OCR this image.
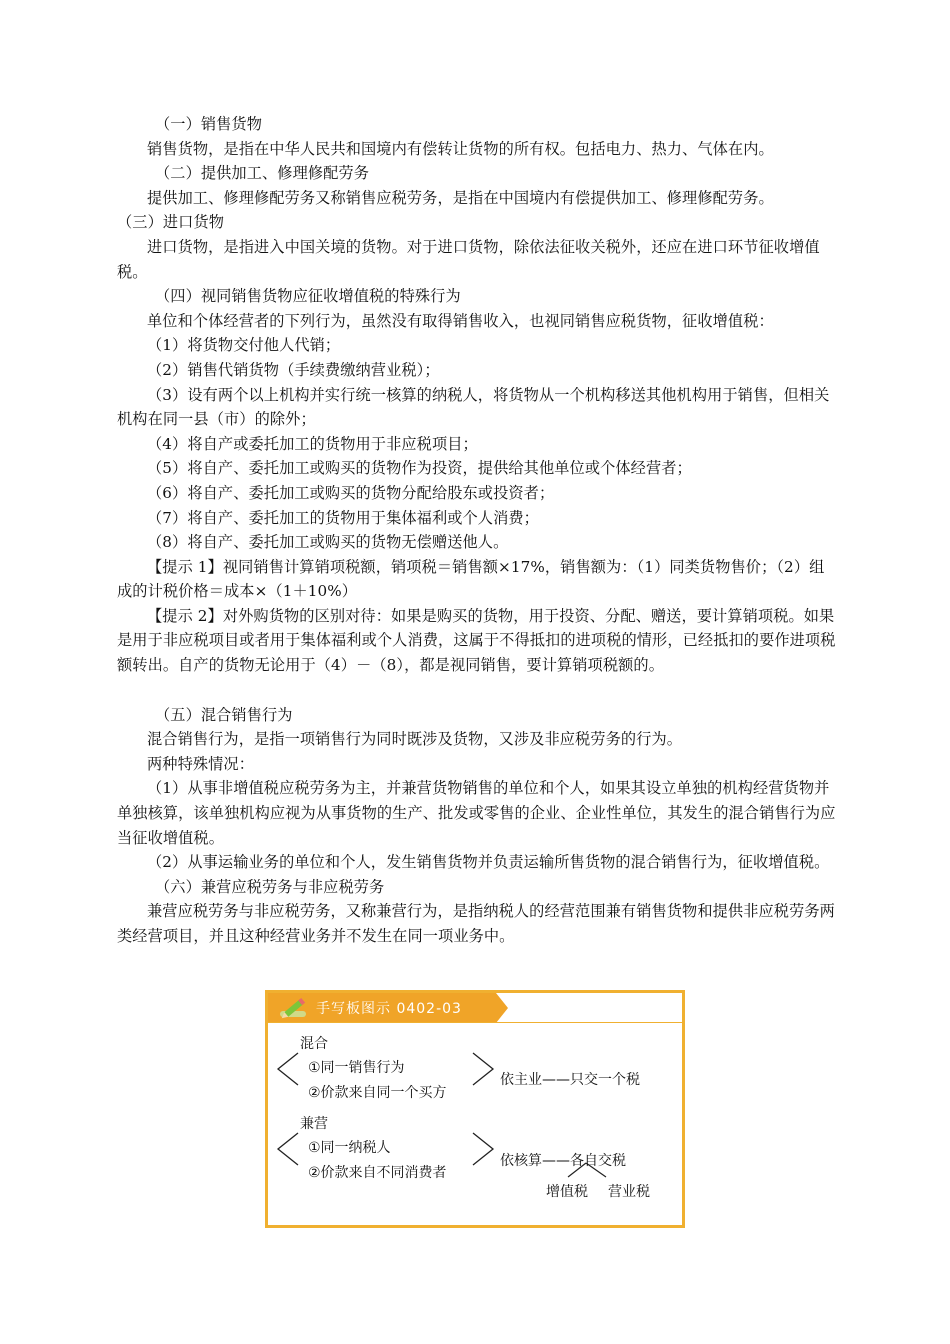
（一）销售货物

销售货物，是指在中华人民共和国境内有偿转让货物的所有权。包括电力、热力、气体在内。

（二）提供加工、修理修配劳务

提供加工、修理修配劳务又称销售应税劳务，是指在中国境内有偿提供加工、修理修配劳务。

（三）进口货物

进口货物，是指进入中国关境的货物。对于进口货物，除依法征收关税外，还应在进口环节征收增值税。

（四）视同销售货物应征收增值税的特殊行为

单位和个体经营者的下列行为，虽然没有取得销售收入，也视同销售应税货物，征收增值税：

（1）将货物交付他人代销；

（2）销售代销货物（手续费缴纳营业税）；

（3）设有两个以上机构并实行统一核算的纳税人，将货物从一个机构移送其他机构用于销售，但相关机构在同一县（市）的除外；

（4）将自产或委托加工的货物用于非应税项目；

（5）将自产、委托加工或购买的货物作为投资，提供给其他单位或个体经营者；

（6）将自产、委托加工或购买的货物分配给股东或投资者；

（7）将自产、委托加工的货物用于集体福利或个人消费；

（8）将自产、委托加工或购买的货物无偿赠送他人。

【提示 1】视同销售计算销项税额，销项税＝销售额×17%，销售额为：（1）同类货物售价；（2）组成的计税价格＝成本×（1＋10%）

【提示 2】对外购货物的区别对待：如果是购买的货物，用于投资、分配、赠送，要计算销项税。如果是用于非应税项目或者用于集体福利或个人消费，这属于不得抵扣的进项税的情形，已经抵扣的要作进项税额转出。自产的货物无论用于（4）－（8），都是视同销售，要计算销项税额的。

（五）混合销售行为

混合销售行为，是指一项销售行为同时既涉及货物，又涉及非应税劳务的行为。

两种特殊情况：

（1）从事非增值税应税劳务为主，并兼营货物销售的单位和个人，如果其设立单独的机构经营货物并单独核算，该单独机构应视为从事货物的生产、批发或零售的企业、企业性单位，其发生的混合销售行为应当征收增值税。

（2）从事运输业务的单位和个人，发生销售货物并负责运输所售货物的混合销售行为，征收增值税。

（六）兼营应税劳务与非应税劳务

兼营应税劳务与非应税劳务，又称兼营行为，是指纳税人的经营范围兼有销售货物和提供非应税劳务两类经营项目，并且这种经营业务并不发生在同一项业务中。

手写板图示 0402-03
混合
①同一销售行为
②价款来自同一个买方
依主业——只交一个税
兼营
①同一纳税人
②价款来自不同消费者
依核算——各自交税
增值税 营业税
